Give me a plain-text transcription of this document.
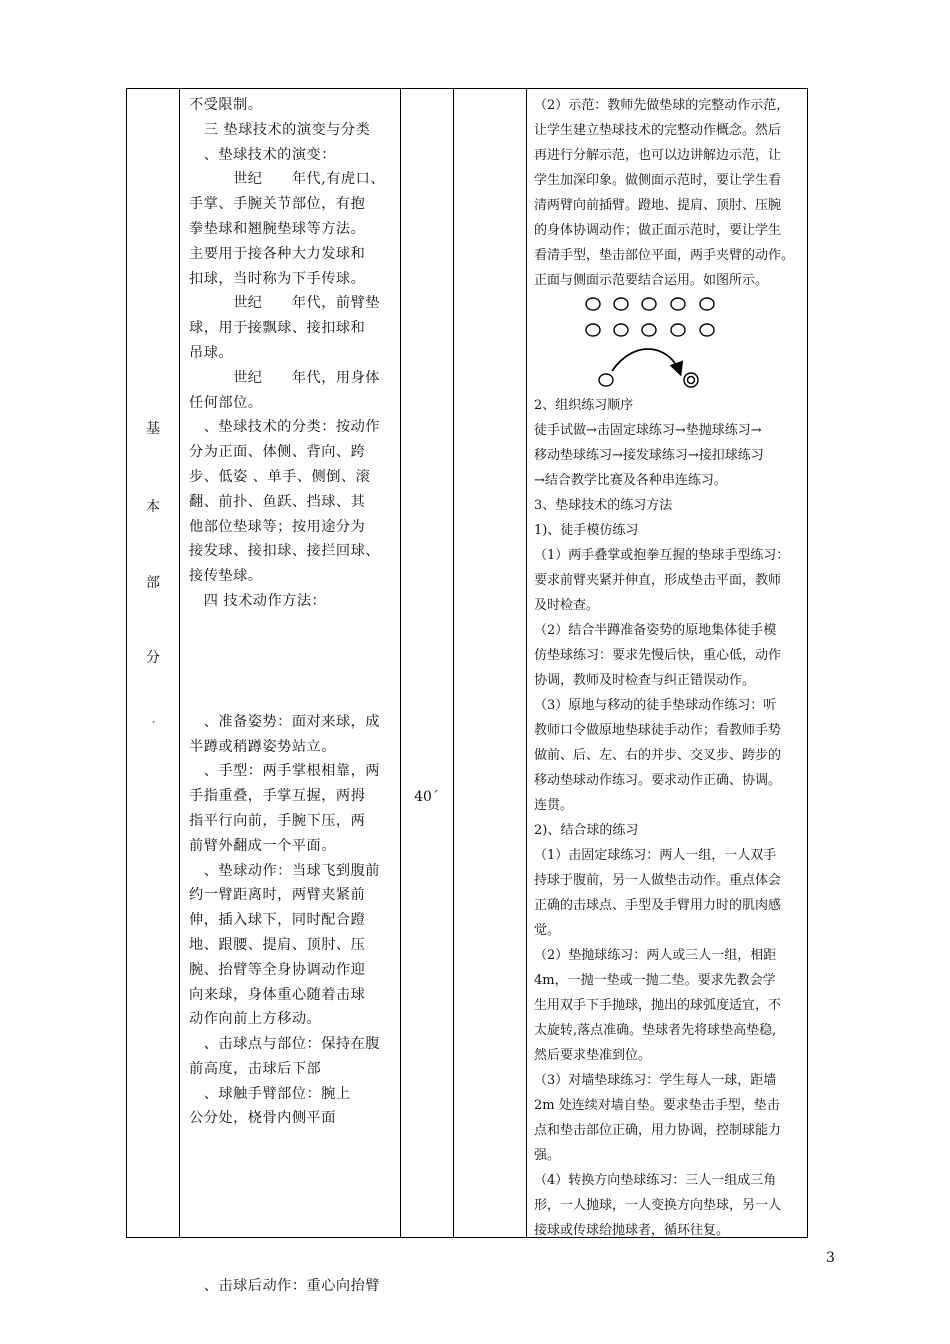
基
本
部
分
ˊ

不受限制。

　三 垫球技术的演变与分类

　、垫球技术的演变：

　　　世纪　　年代,有虎口、

手掌、手腕关节部位，有抱

拳垫球和翘腕垫球等方法。

主要用于接各种大力发球和

扣球，当时称为下手传球。

　　　世纪　　年代，前臂垫

球，用于接飘球、接扣球和

吊球。

　　　世纪　　年代，用身体

任何部位。

　、垫球技术的分类：按动作

分为正面、体侧、背向、跨

步、低姿 、单手、侧倒、滚

翻、前扑、鱼跃、挡球、其

他部位垫球等；按用途分为

接发球、接扣球、接拦回球、

接传垫球。

　四 技术动作方法：

　、准备姿势：面对来球，成

半蹲或稍蹲姿势站立。

　、手型：两手掌根相靠，两

手指重叠，手掌互握，两拇

指平行向前，手腕下压，两

前臂外翻成一个平面。

　、垫球动作：当球飞到腹前

约一臂距离时，两臂夹紧前

伸，插入球下，同时配合蹬

地、跟腰、提肩、顶肘、压

腕、抬臂等全身协调动作迎

向来球，身体重心随着击球

动作向前上方移动。

　、击球点与部位：保持在腹

前高度，击球后下部

　、球触手臂部位：腕上

公分处，桡骨内侧平面

　、击球后动作：重心向抬臂

40ˊ

（2）示范：教师先做垫球的完整动作示范，

让学生建立垫球技术的完整动作概念。然后

再进行分解示范，也可以边讲解边示范，让

学生加深印象。做侧面示范时，要让学生看

清两臂向前插臂。蹬地、提肩、顶肘、压腕

的身体协调动作；做正面示范时，要让学生

看清手型，垫击部位平面，两手夹臂的动作。

正面与侧面示范要结合运用。如图所示。

2、组织练习顺序

徒手试做→击固定球练习→垫抛球练习→

移动垫球练习→接发球练习→接扣球练习

→结合教学比赛及各种串连练习。

3、垫球技术的练习方法

1)、徒手模仿练习

（1）两手叠掌或抱拳互握的垫球手型练习：

要求前臂夹紧并伸直，形成垫击平面，教师

及时检查。

（2）结合半蹲准备姿势的原地集体徒手模

仿垫球练习：要求先慢后快，重心低，动作

协调，教师及时检查与纠正错误动作。

（3）原地与移动的徒手垫球动作练习：听

教师口令做原地垫球徒手动作；看教师手势

做前、后、左、右的并步、交叉步、跨步的

移动垫球动作练习。要求动作正确、协调。

连贯。

2)、结合球的练习

（1）击固定球练习：两人一组，一人双手

持球于腹前，另一人做垫击动作。重点体会

正确的击球点、手型及手臂用力时的肌肉感

觉。

（2）垫抛球练习：两人或三人一组，相距

4m，一抛一垫或一抛二垫。要求先教会学

生用双手下手抛球，抛出的球弧度适宜，不

太旋转,落点准确。垫球者先将球垫高垫稳,

然后要求垫准到位。

（3）对墙垫球练习：学生每人一球，距墙

2m 处连续对墙自垫。要求垫击手型，垫击

点和垫击部位正确，用力协调，控制球能力

强。

（4）转换方向垫球练习：三人一组成三角

形，一人抛球，一人变换方向垫球，另一人

接球或传球给抛球者，循环往复。

3
